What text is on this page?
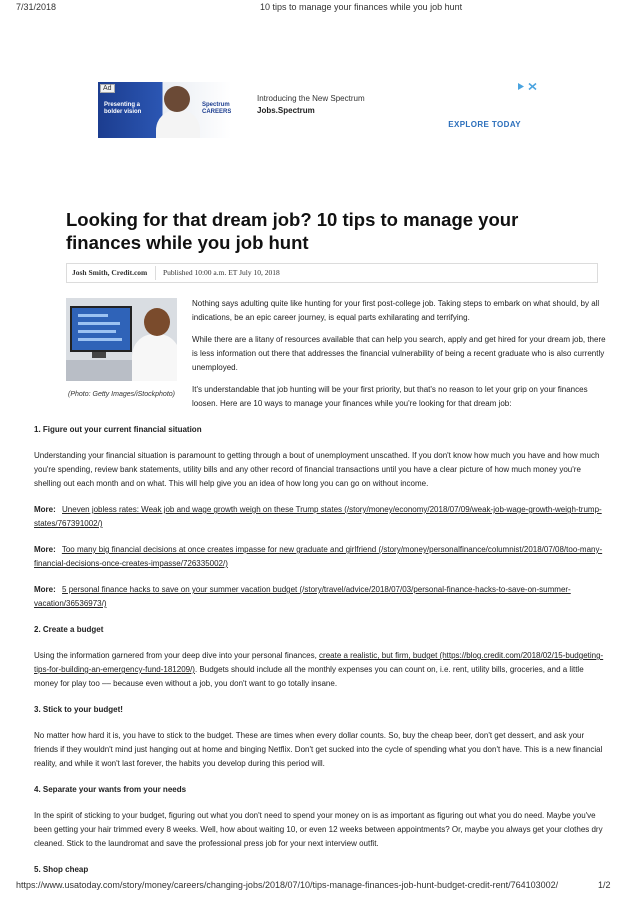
7/31/2018	10 tips to manage your finances while you job hunt
Ad
Presenting a bolder vision
Spectrum CAREERS
Introducing the New Spectrum
Jobs.Spectrum
EXPLORE TODAY
Looking for that dream job? 10 tips to manage your finances while you job hunt
Josh Smith, Credit.com Published 10:00 a.m. ET July 10, 2018
(Photo: Getty Images/iStockphoto)

Nothing says adulting quite like hunting for your first post-college job. Taking steps to embark on what should, by all indications, be an epic career journey, is equal parts exhilarating and terrifying.

While there are a litany of resources available that can help you search, apply and get hired for your dream job, there is less information out there that addresses the financial vulnerability of being a recent graduate who is also currently unemployed.

It's understandable that job hunting will be your first priority, but that's no reason to let your grip on your finances loosen. Here are 10 ways to manage your finances while you're looking for that dream job:

1. Figure out your current financial situation

Understanding your financial situation is paramount to getting through a bout of unemployment unscathed. If you don't know how much you have and how much you're spending, review bank statements, utility bills and any other record of financial transactions until you have a clear picture of how much money you're shelling out each month and on what. This will help give you an idea of how long you can go on without income.

More: Uneven jobless rates: Weak job and wage growth weigh on these Trump states (/story/money/economy/2018/07/09/weak-job-wage-growth-weigh-trump-states/767391002/)

More: Too many big financial decisions at once creates impasse for new graduate and girlfriend (/story/money/personalfinance/columnist/2018/07/08/too-many-financial-decisions-once-creates-impasse/726335002/)

More: 5 personal finance hacks to save on your summer vacation budget (/story/travel/advice/2018/07/03/personal-finance-hacks-to-save-on-summer-vacation/36536973/)

2. Create a budget

Using the information garnered from your deep dive into your personal finances, create a realistic, but firm, budget (https://blog.credit.com/2018/02/15-budgeting-tips-for-building-an-emergency-fund-181209/). Budgets should include all the monthly expenses you can count on, i.e. rent, utility bills, groceries, and a little money for play too –– because even without a job, you don't want to go totally insane.

3. Stick to your budget!

No matter how hard it is, you have to stick to the budget. These are times when every dollar counts. So, buy the cheap beer, don't get dessert, and ask your friends if they wouldn't mind just hanging out at home and binging Netflix. Don't get sucked into the cycle of spending what you don't have. This is a new financial reality, and while it won't last forever, the habits you develop during this period will.

4. Separate your wants from your needs

In the spirit of sticking to your budget, figuring out what you don't need to spend your money on is as important as figuring out what you do need. Maybe you've been getting your hair trimmed every 8 weeks. Well, how about waiting 10, or even 12 weeks between appointments? Or, maybe you always get your clothes dry cleaned. Stick to the laundromat and save the professional press job for your next interview outfit.

5. Shop cheap
https://www.usatoday.com/story/money/careers/changing-jobs/2018/07/10/tips-manage-finances-job-hunt-budget-credit-rent/764103002/	1/2
